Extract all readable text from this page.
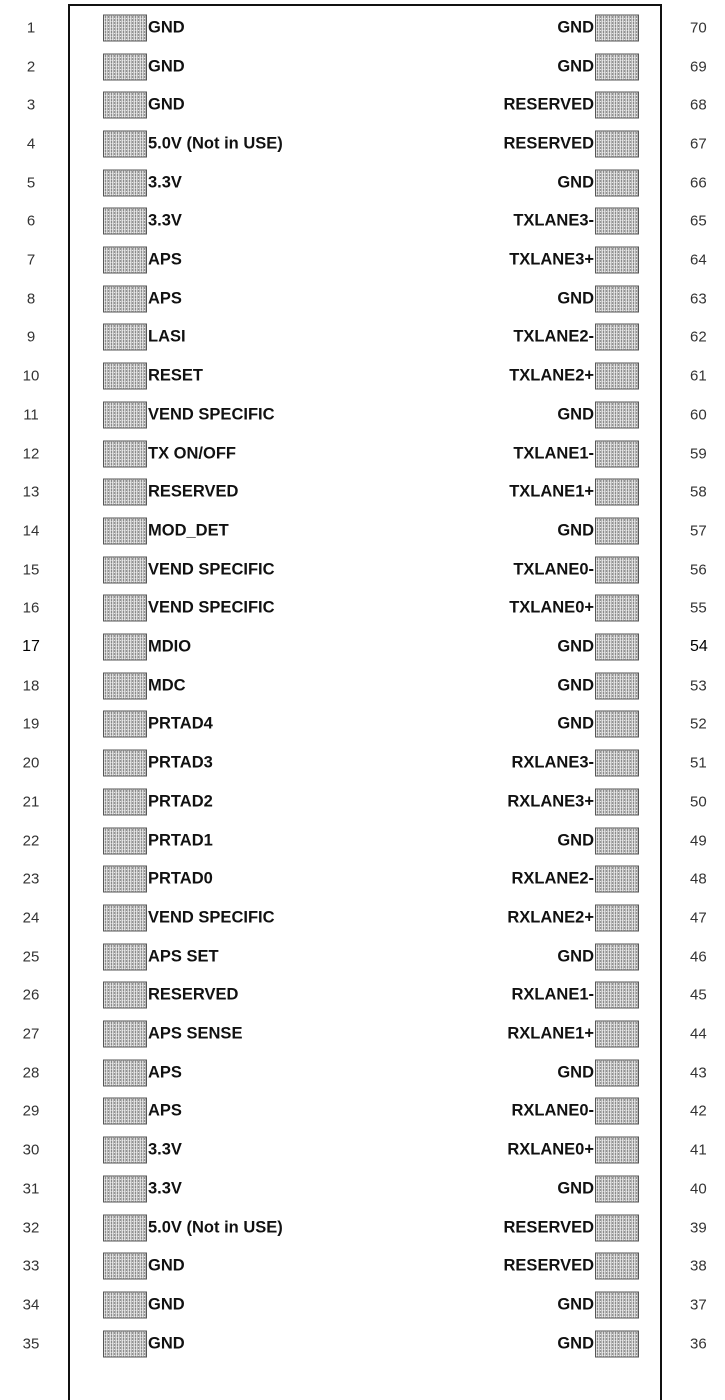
1	GND	GND	70
2	GND	GND	69
3	GND	RESERVED	68
4	5.0V (Not in USE)	RESERVED	67
5	3.3V	GND	66
6	3.3V	TXLANE3-	65
7	APS	TXLANE3+	64
8	APS	GND	63
9	LASI	TXLANE2-	62
10	RESET	TXLANE2+	61
11	VEND SPECIFIC	GND	60
12	TX ON/OFF	TXLANE1-	59
13	RESERVED	TXLANE1+	58
14	MOD_DET	GND	57
15	VEND SPECIFIC	TXLANE0-	56
16	VEND SPECIFIC	TXLANE0+	55
17	MDIO	GND	54
18	MDC	GND	53
19	PRTAD4	GND	52
20	PRTAD3	RXLANE3-	51
21	PRTAD2	RXLANE3+	50
22	PRTAD1	GND	49
23	PRTAD0	RXLANE2-	48
24	VEND SPECIFIC	RXLANE2+	47
25	APS SET	GND	46
26	RESERVED	RXLANE1-	45
27	APS SENSE	RXLANE1+	44
28	APS	GND	43
29	APS	RXLANE0-	42
30	3.3V	RXLANE0+	41
31	3.3V	GND	40
32	5.0V (Not in USE)	RESERVED	39
33	GND	RESERVED	38
34	GND	GND	37
35	GND	GND	36
